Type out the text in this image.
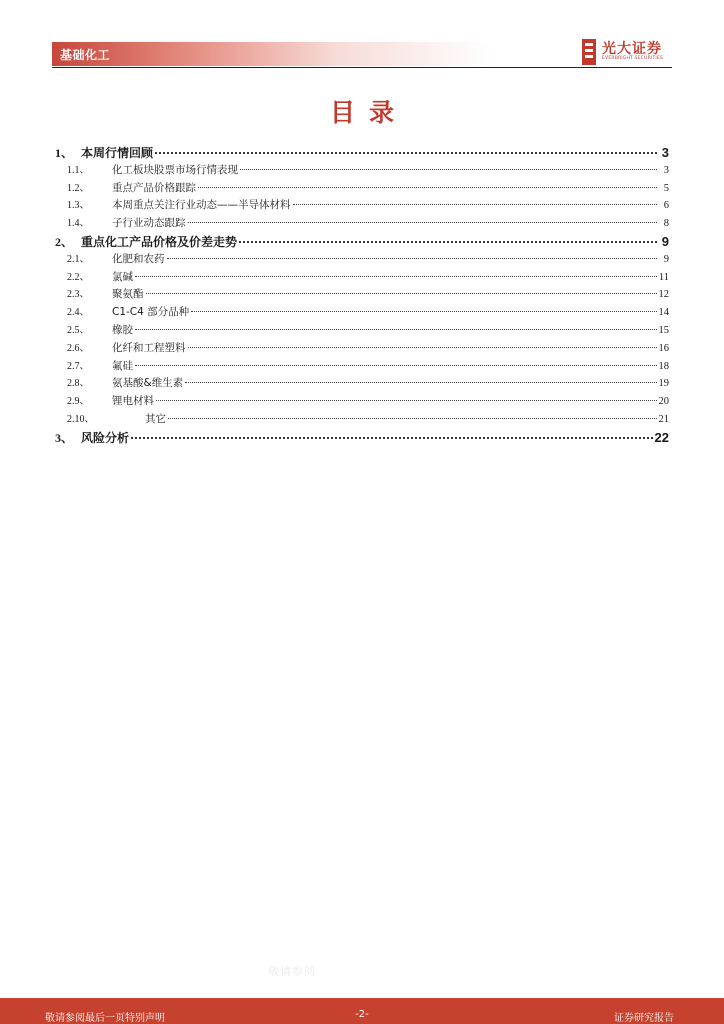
基础化工	光大证券
EVERBRIGHT SECURITIES
目录
1、 本周行情回顾	3
1.1、	化工板块股票市场行情表现	3
1.2、	重点产品价格跟踪	5
1.3、	本周重点关注行业动态——半导体材料	6
1.4、	子行业动态跟踪	8
2、 重点化工产品价格及价差走势	9
2.1、	化肥和农药	9
2.2、	氯碱	11
2.3、	聚氨酯	12
2.4、	C1-C4 部分品种	14
2.5、	橡胶	15
2.6、	化纤和工程塑料	16
2.7、	氟硅	18
2.8、	氨基酸&维生素	19
2.9、	锂电材料	20
2.10、	其它	21
3、 风险分析	22
敬请参阅
敬请参阅最后一页特别声明	-2-	证券研究报告
